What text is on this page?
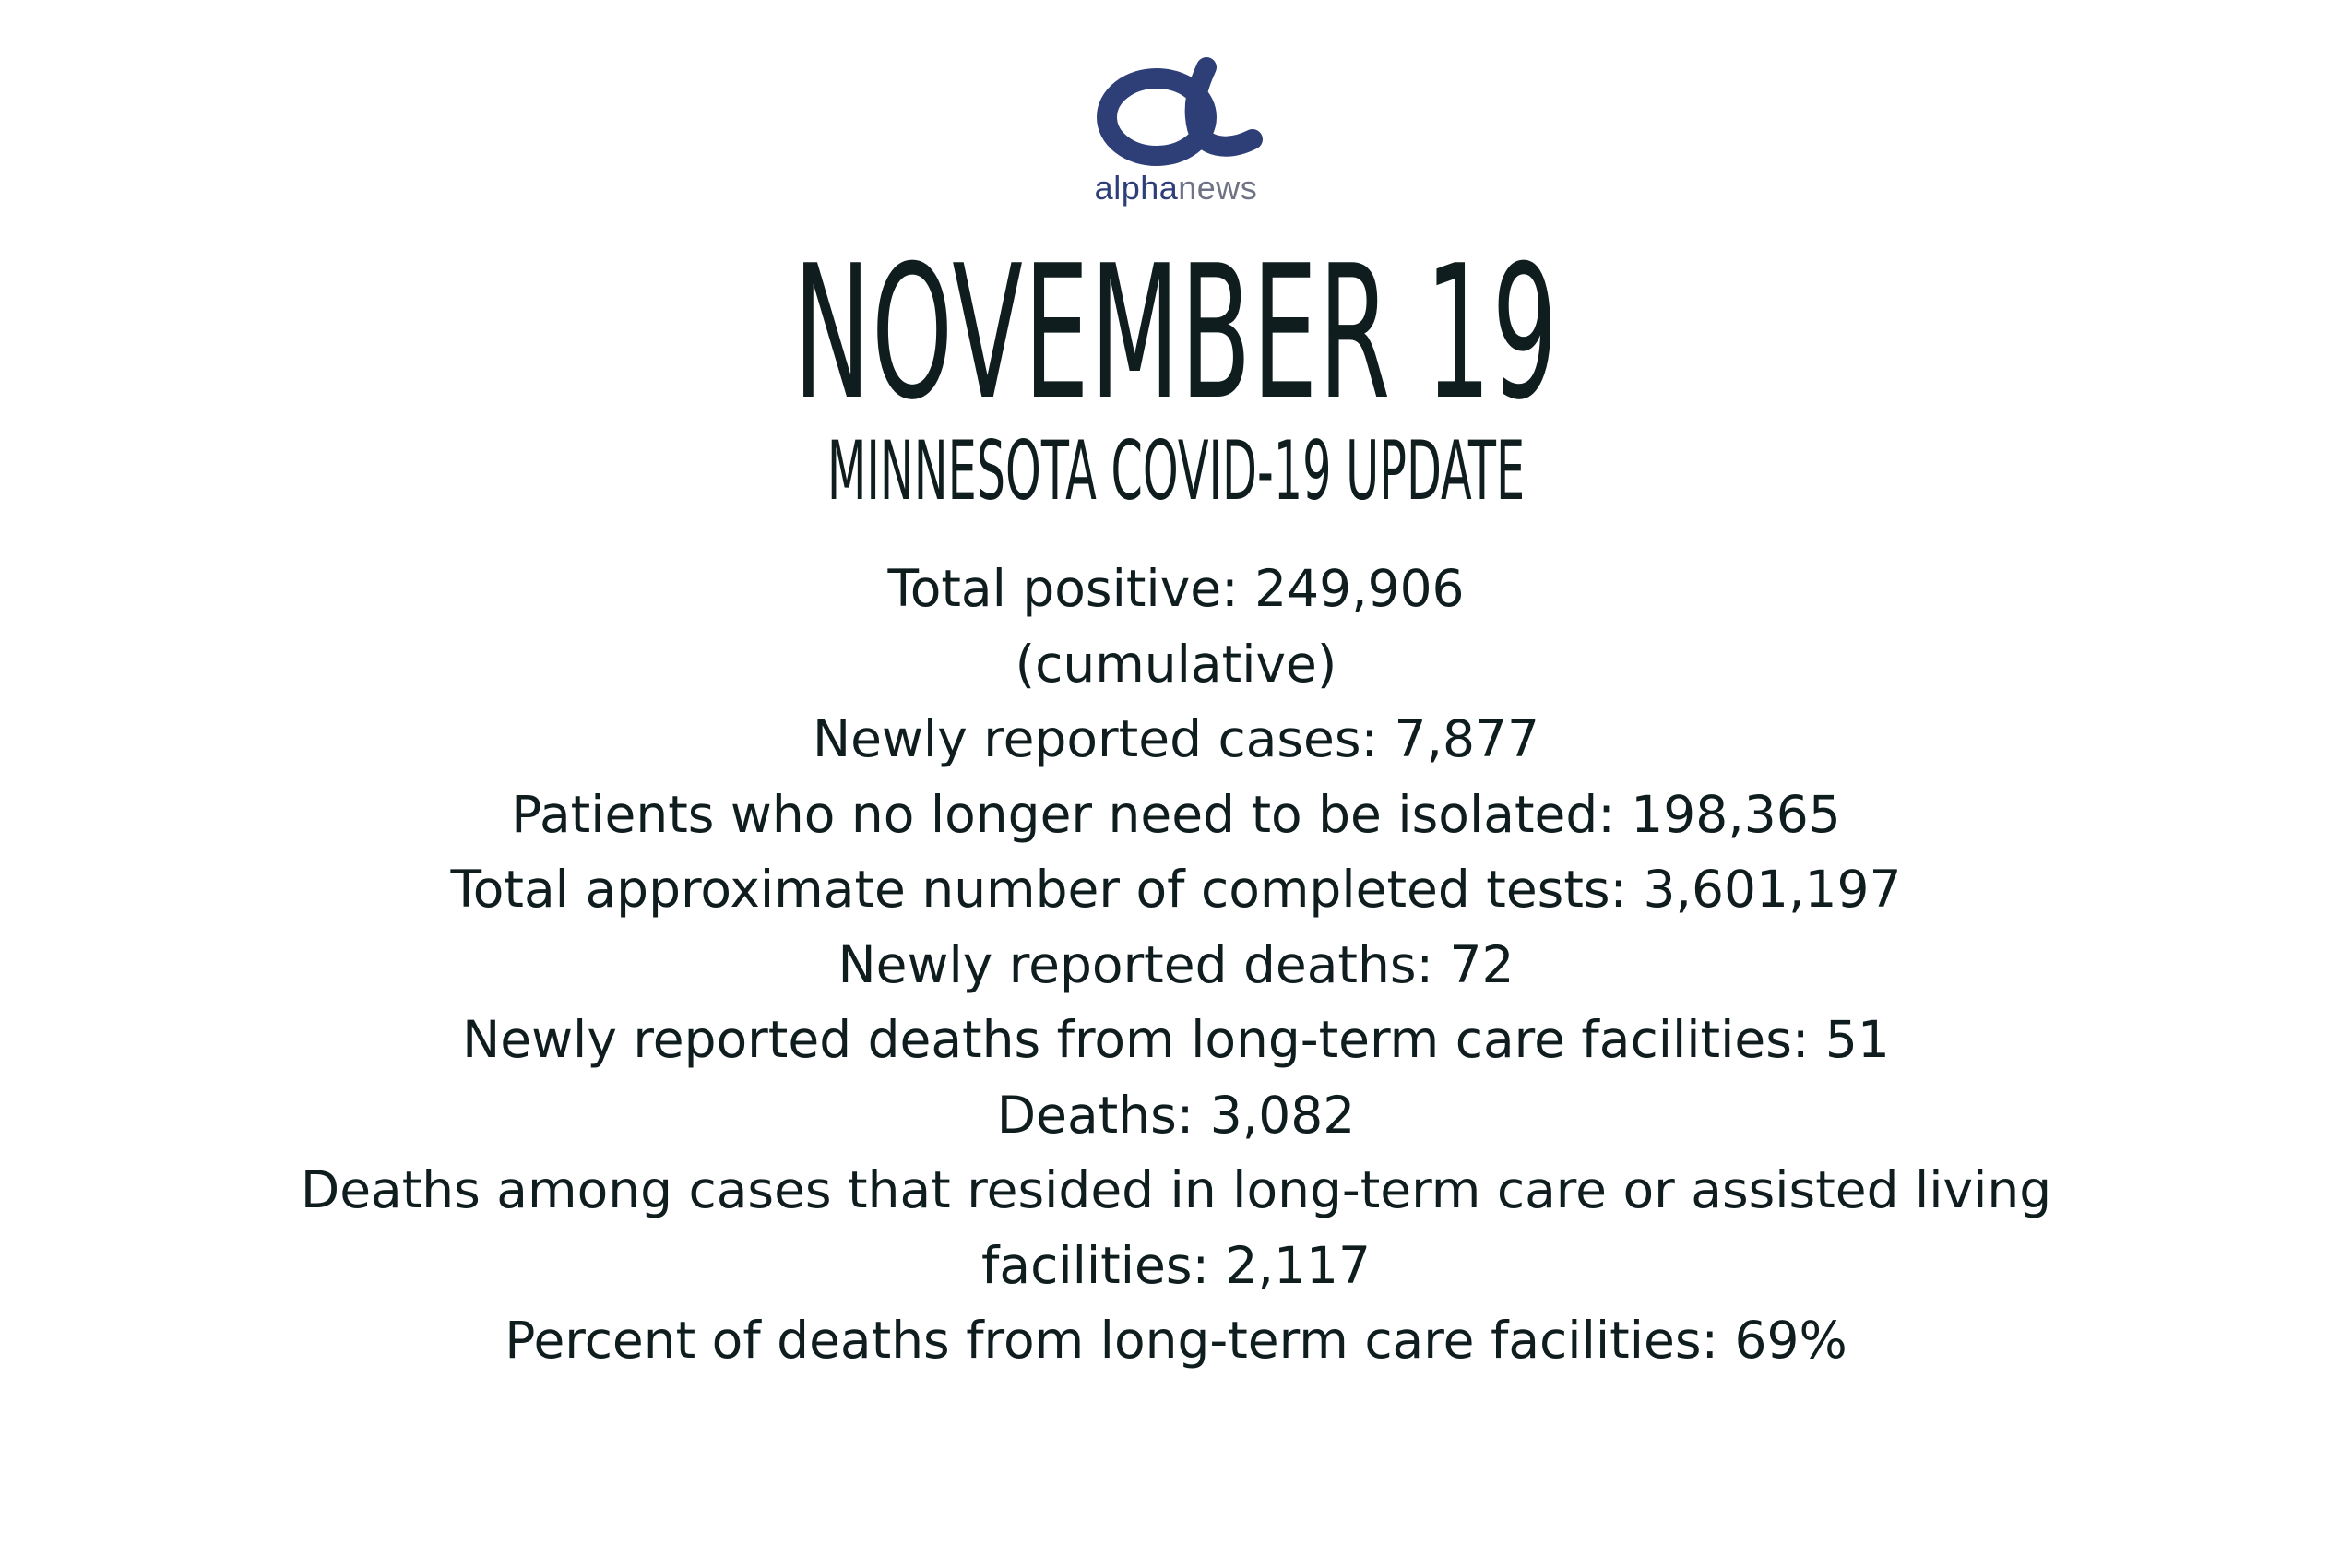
alphanews
NOVEMBER 19
MINNESOTA COVID-19 UPDATE
Total positive: 249,906
(cumulative)
Newly reported cases: 7,877
Patients who no longer need to be isolated: 198,365
Total approximate number of completed tests: 3,601,197
Newly reported deaths: 72
Newly reported deaths from long-term care facilities: 51
Deaths: 3,082
Deaths among cases that resided in long-term care or assisted living
facilities: 2,117
Percent of deaths from long-term care facilities: 69%
